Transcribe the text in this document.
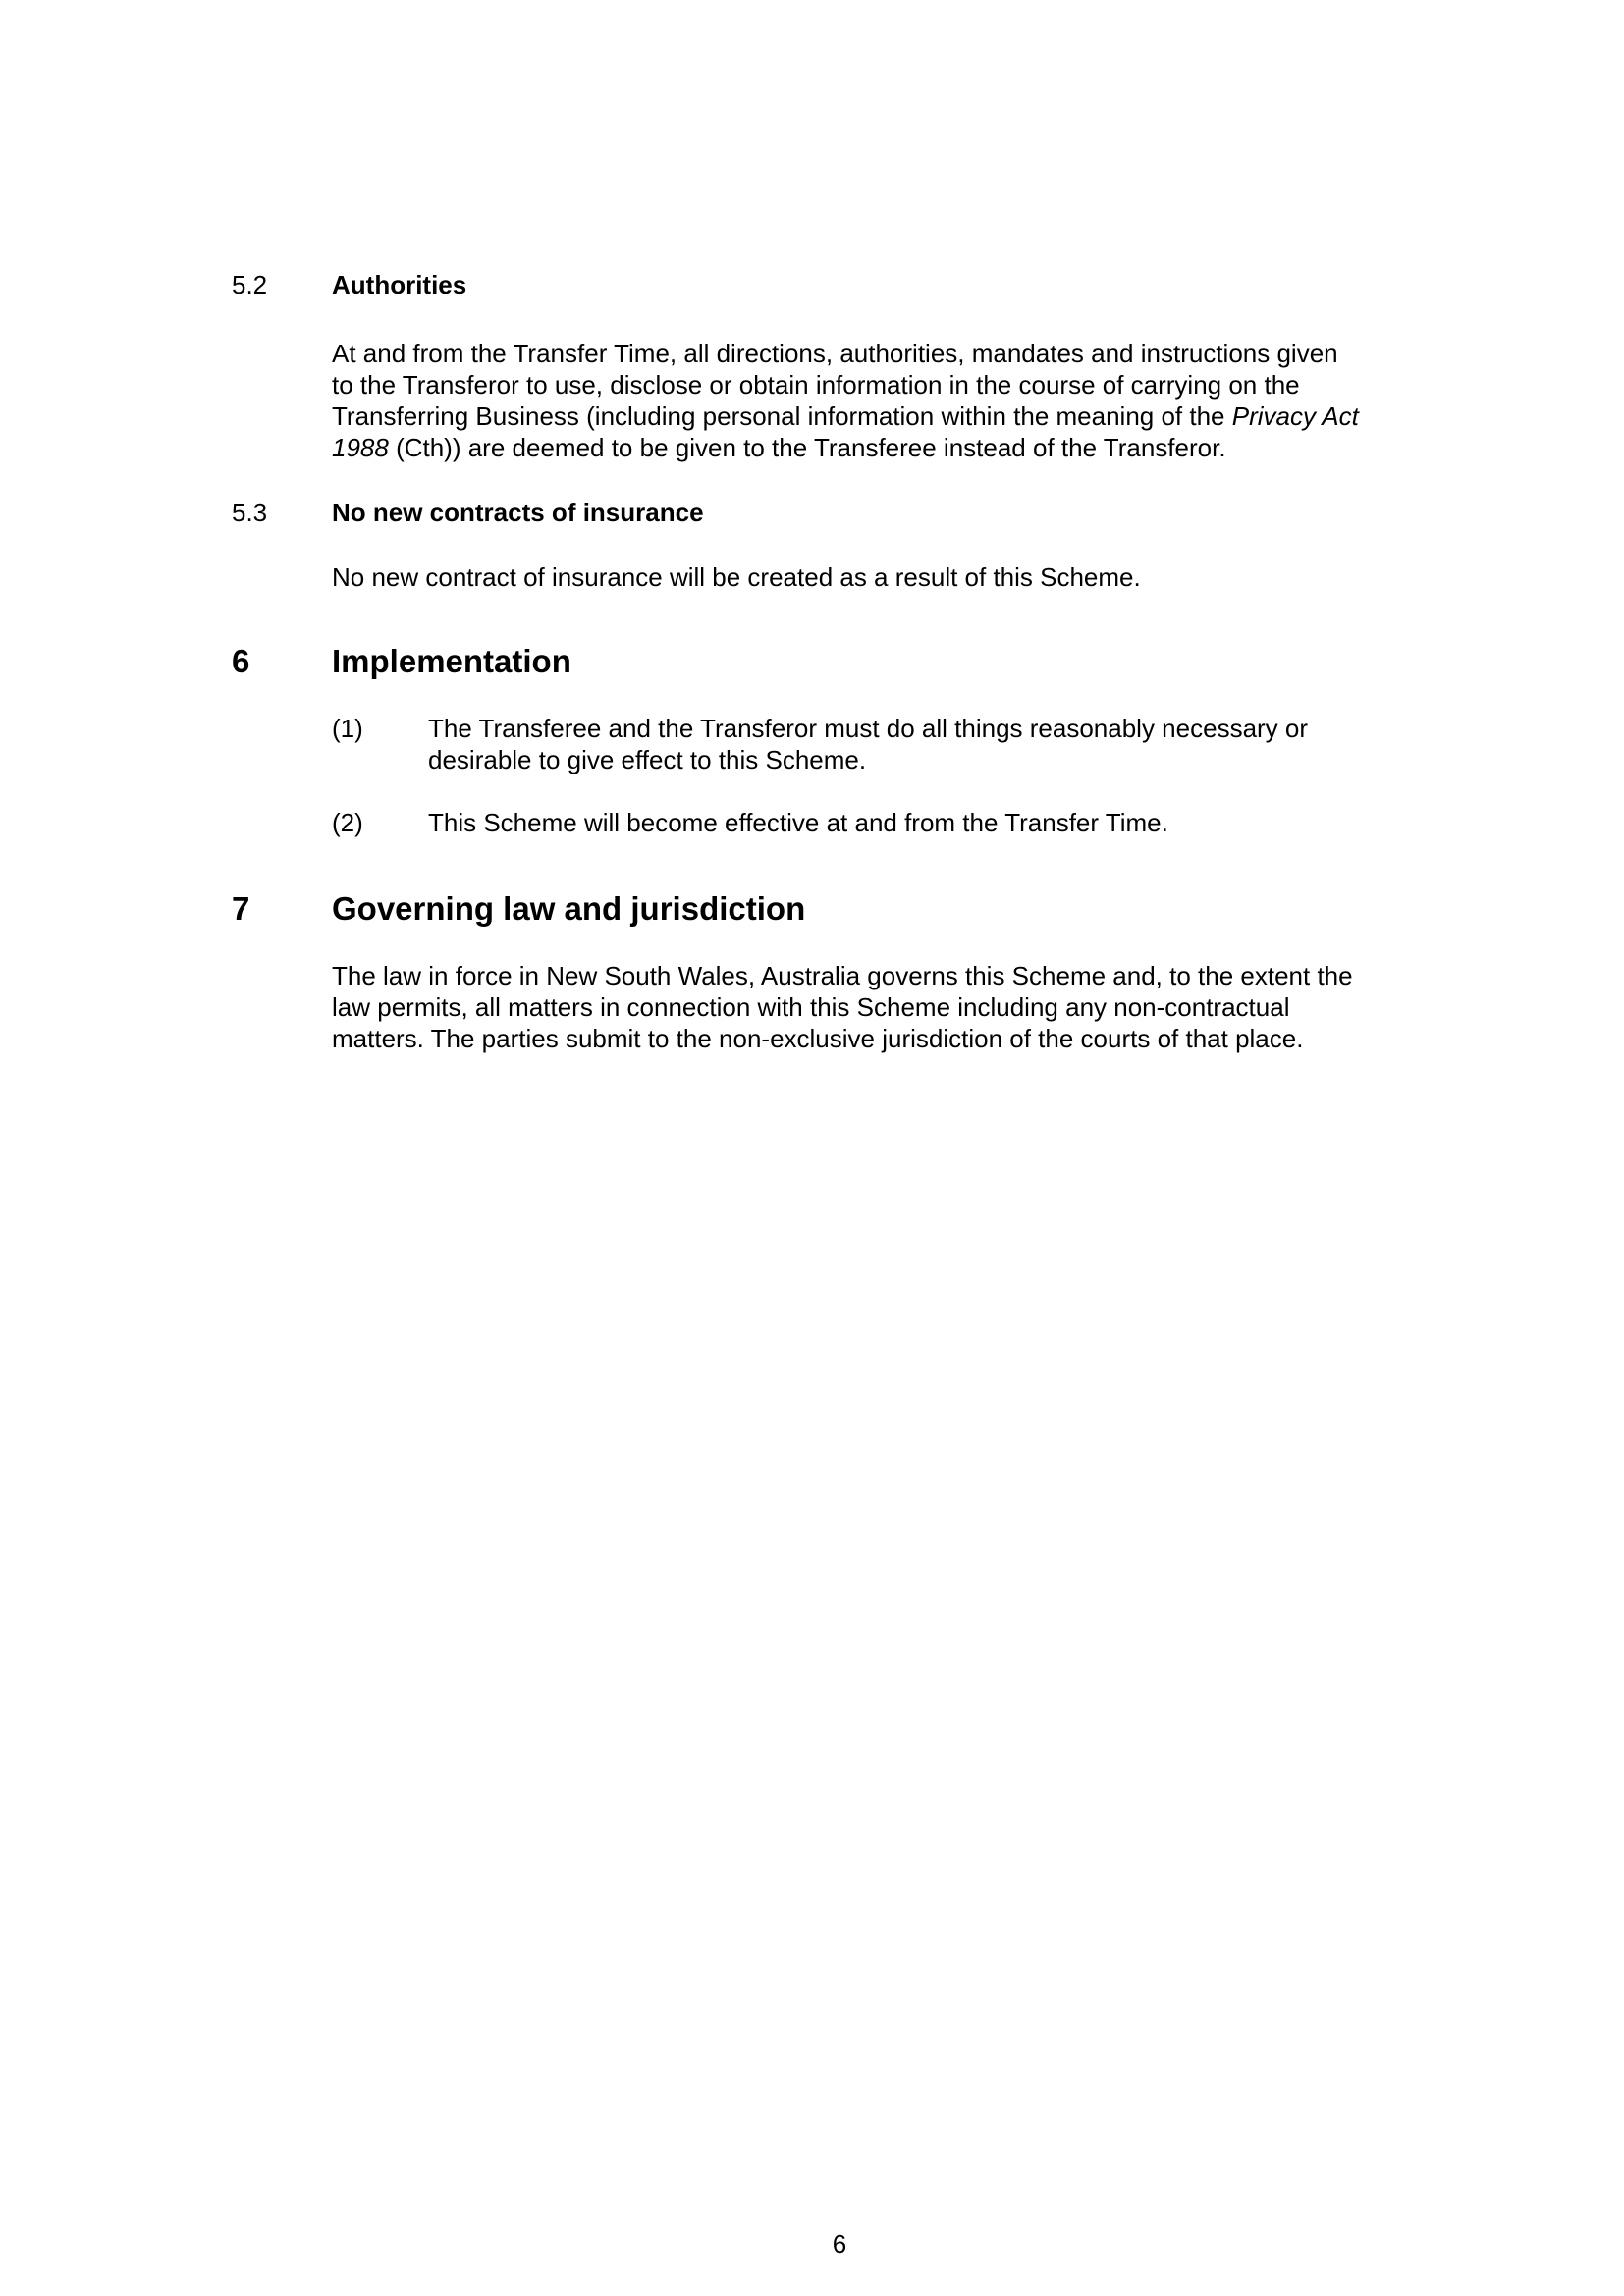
5.2	Authorities
At and from the Transfer Time, all directions, authorities, mandates and instructions given
to the Transferor to use, disclose or obtain information in the course of carrying on the
Transferring Business (including personal information within the meaning of the Privacy Act
1988 (Cth)) are deemed to be given to the Transferee instead of the Transferor.
5.3	No new contracts of insurance
No new contract of insurance will be created as a result of this Scheme.
6	Implementation
(1)	The Transferee and the Transferor must do all things reasonably necessary or
desirable to give effect to this Scheme.
(2)	This Scheme will become effective at and from the Transfer Time.
7	Governing law and jurisdiction
The law in force in New South Wales, Australia governs this Scheme and, to the extent the
law permits, all matters in connection with this Scheme including any non-contractual
matters. The parties submit to the non-exclusive jurisdiction of the courts of that place.
6
